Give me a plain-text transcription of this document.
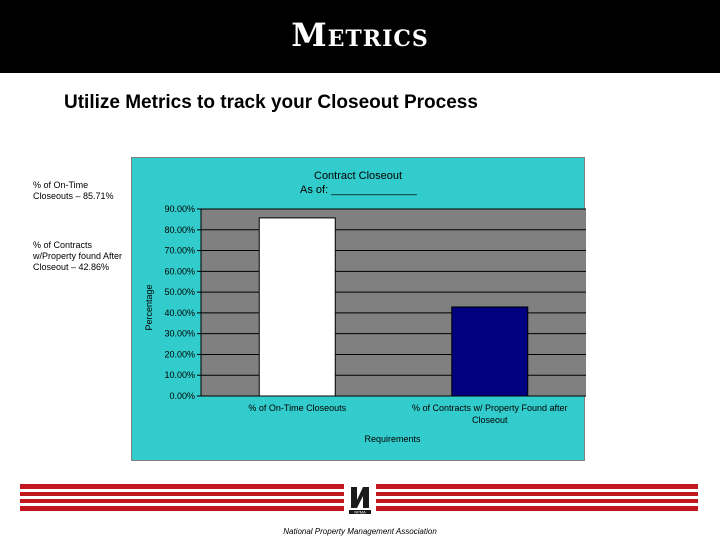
Metrics
Utilize Metrics to track your Closeout Process
% of On-Time
Closeouts – 85.71%
% of Contracts
w/Property found After
Closeout – 42.86%
Contract Closeout
As of: ______________
0.00%
10.00%
20.00%
30.00%
40.00%
50.00%
60.00%
70.00%
80.00%
90.00%
% of On-Time Closeouts	% of Contracts w/ Property Found after
Closeout
Requirements
Percentage
NPMA
National Property Management Association
